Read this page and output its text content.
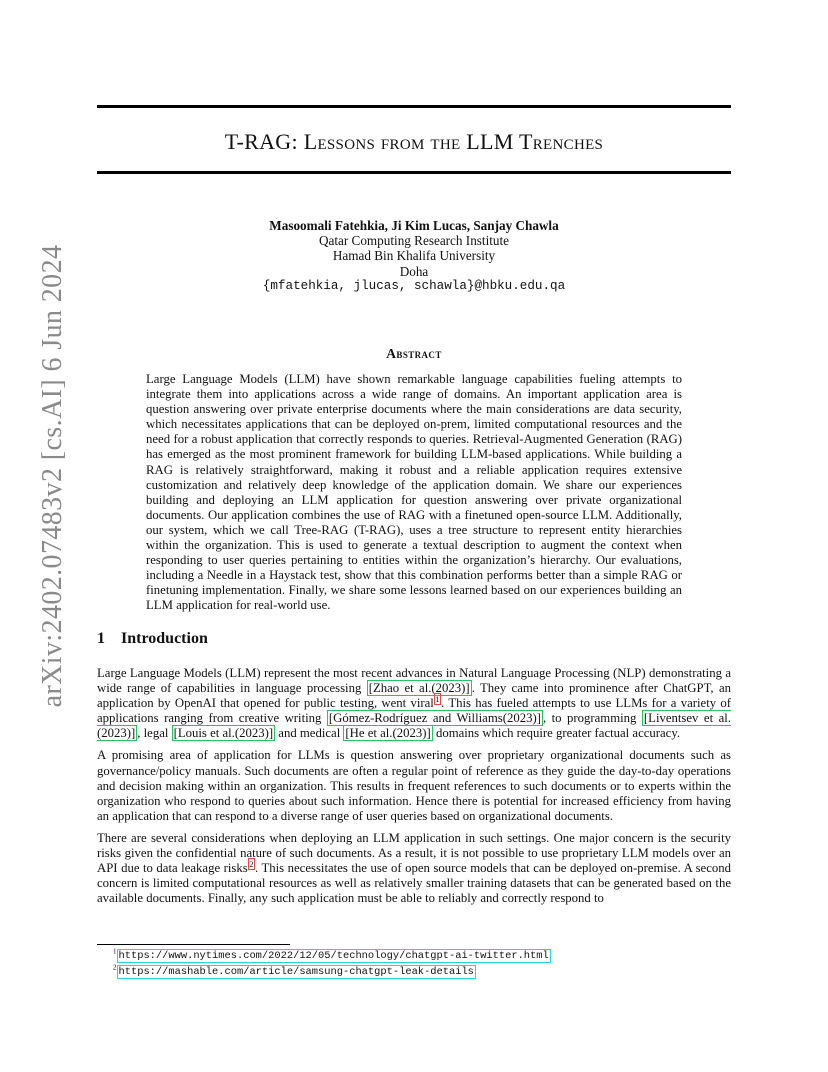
arXiv:2402.07483v2 [cs.AI] 6 Jun 2024
T-RAG: Lessons from the LLM Trenches
Masoomali Fatehkia, Ji Kim Lucas, Sanjay Chawla
Qatar Computing Research Institute
Hamad Bin Khalifa University
Doha
{mfatehkia, jlucas, schawla}@hbku.edu.qa
Abstract

Large Language Models (LLM) have shown remarkable language capabilities fueling attempts to integrate them into applications across a wide range of domains. An important application area is question answering over private enterprise documents where the main considerations are data security, which necessitates applications that can be deployed on-prem, limited computational resources and the need for a robust application that correctly responds to queries. Retrieval-Augmented Generation (RAG) has emerged as the most prominent framework for building LLM-based applications. While building a RAG is relatively straightforward, making it robust and a reliable application requires extensive customization and relatively deep knowledge of the application domain. We share our experiences building and deploying an LLM application for question answering over private organizational documents. Our application combines the use of RAG with a finetuned open-source LLM. Additionally, our system, which we call Tree-RAG (T-RAG), uses a tree structure to represent entity hierarchies within the organization. This is used to generate a textual description to augment the context when responding to user queries pertaining to entities within the organization’s hierarchy. Our evaluations, including a Needle in a Haystack test, show that this combination performs better than a simple RAG or finetuning implementation. Finally, we share some lessons learned based on our experiences building an LLM application for real-world use.

1 Introduction

Large Language Models (LLM) represent the most recent advances in Natural Language Processing (NLP) demonstrating a wide range of capabilities in language processing [Zhao et al.(2023)] . They came into prominence after ChatGPT, an application by OpenAI that opened for public testing, went viral $^1$ . This has fueled attempts to use LLMs for a variety of applications ranging from creative writing [Gómez-Rodríguez and Williams(2023)] , to programming [Liventsev et al.(2023)] , legal [Louis et al.(2023)] and medical [He et al.(2023)] domains which require greater factual accuracy.

A promising area of application for LLMs is question answering over proprietary organizational documents such as governance/policy manuals. Such documents are often a regular point of reference as they guide the day-to-day operations and decision making within an organization. This results in frequent references to such documents or to experts within the organization who respond to queries about such information. Hence there is potential for increased efficiency from having an application that can respond to a diverse range of user queries based on organizational documents.

There are several considerations when deploying an LLM application in such settings. One major concern is the security risks given the confidential nature of such documents. As a result, it is not possible to use proprietary LLM models over an API due to data leakage risks $^2$ . This necessitates the use of open source models that can be deployed on-premise. A second concern is limited computational resources as well as relatively smaller training datasets that can be generated based on the available documents. Finally, any such application must be able to reliably and correctly respond to

$^1$ https://www.nytimes.com/2022/12/05/technology/chatgpt-ai-twitter.html
$^2$ https://mashable.com/article/samsung-chatgpt-leak-details
